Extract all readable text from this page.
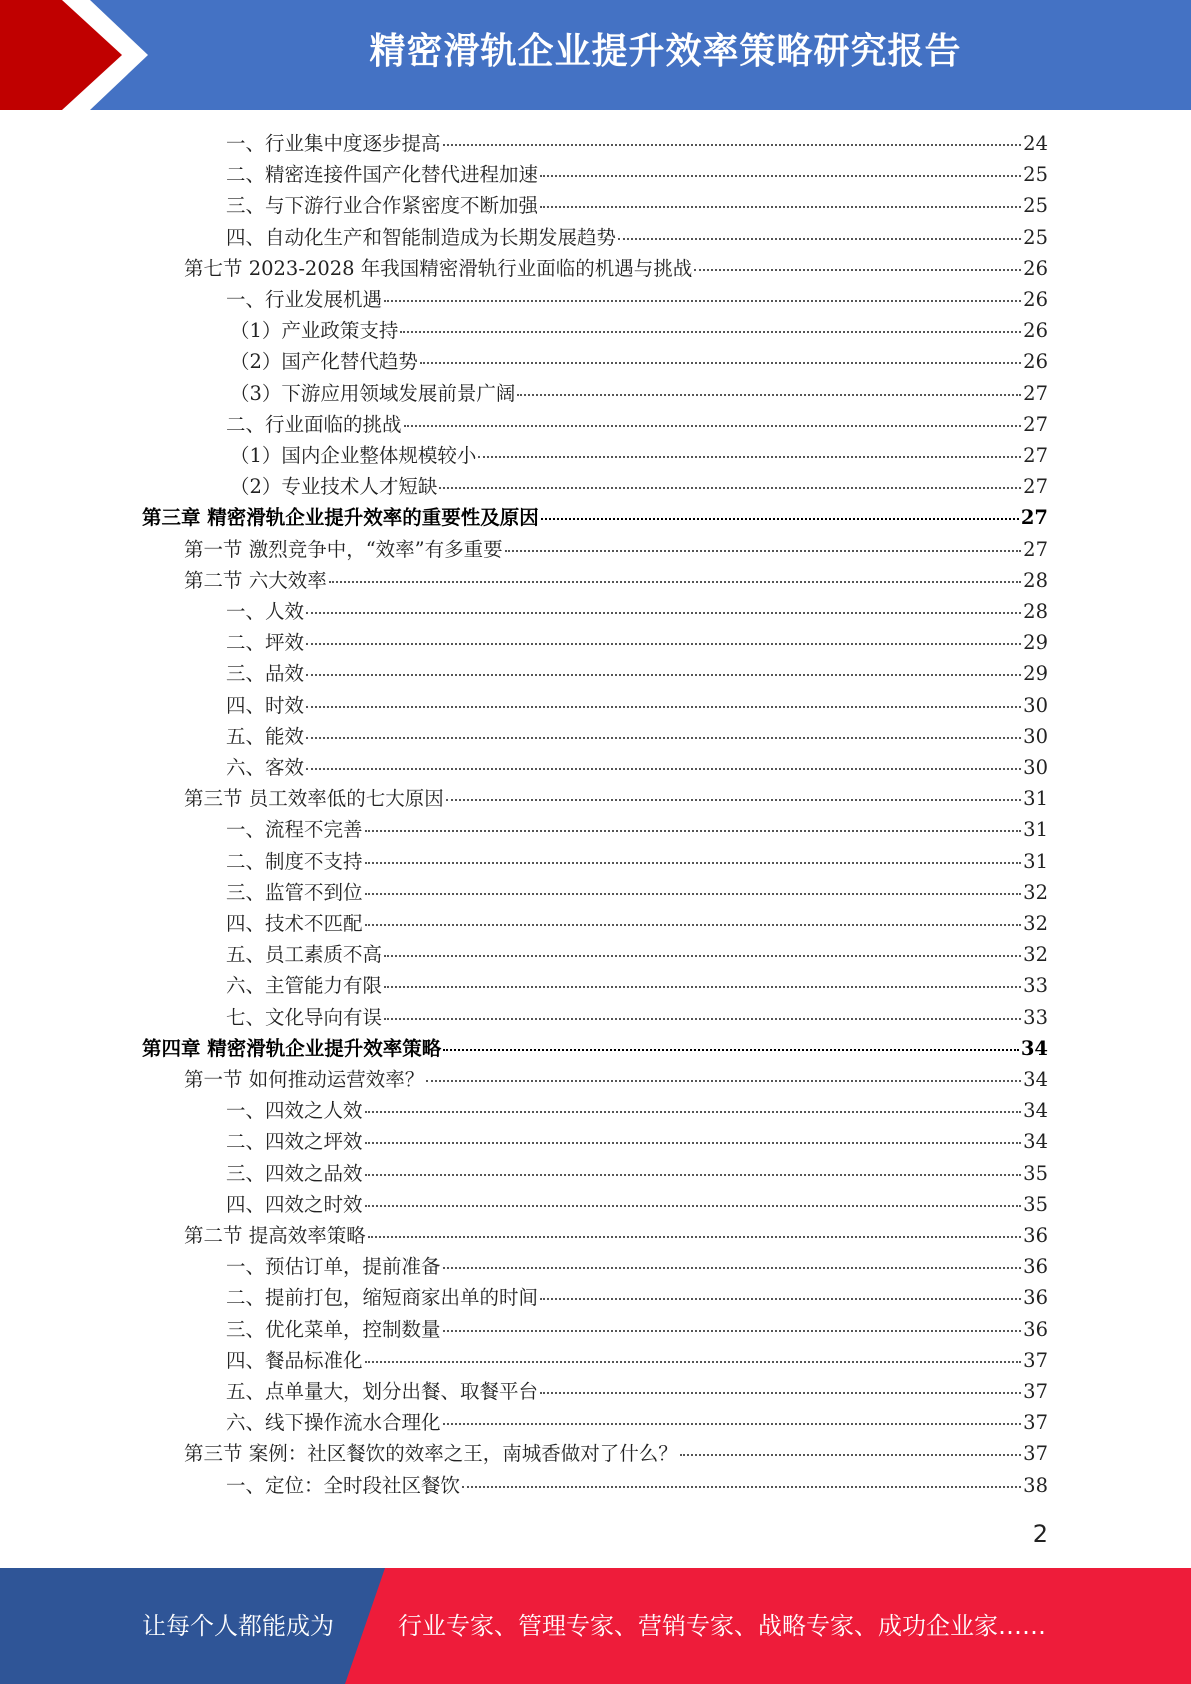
精密滑轨企业提升效率策略研究报告
一、行业集中度逐步提高	24
二、精密连接件国产化替代进程加速	25
三、与下游行业合作紧密度不断加强	25
四、自动化生产和智能制造成为长期发展趋势	25
第七节 2023-2028 年我国精密滑轨行业面临的机遇与挑战	26
一、行业发展机遇	26
（1）产业政策支持	26
（2）国产化替代趋势	26
（3）下游应用领域发展前景广阔	27
二、行业面临的挑战	27
（1）国内企业整体规模较小	27
（2）专业技术人才短缺	27
第三章 精密滑轨企业提升效率的重要性及原因	27
第一节 激烈竞争中，“效率”有多重要	27
第二节 六大效率	28
一、人效	28
二、坪效	29
三、品效	29
四、时效	30
五、能效	30
六、客效	30
第三节 员工效率低的七大原因	31
一、流程不完善	31
二、制度不支持	31
三、监管不到位	32
四、技术不匹配	32
五、员工素质不高	32
六、主管能力有限	33
七、文化导向有误	33
第四章 精密滑轨企业提升效率策略	34
第一节 如何推动运营效率？	34
一、四效之人效	34
二、四效之坪效	34
三、四效之品效	35
四、四效之时效	35
第二节 提高效率策略	36
一、预估订单，提前准备	36
二、提前打包，缩短商家出单的时间	36
三、优化菜单，控制数量	36
四、餐品标准化	37
五、点单量大，划分出餐、取餐平台	37
六、线下操作流水合理化	37
第三节 案例：社区餐饮的效率之王，南城香做对了什么？	37
一、定位：全时段社区餐饮	38
2
让每个人都能成为	行业专家、管理专家、营销专家、战略专家、成功企业家……
